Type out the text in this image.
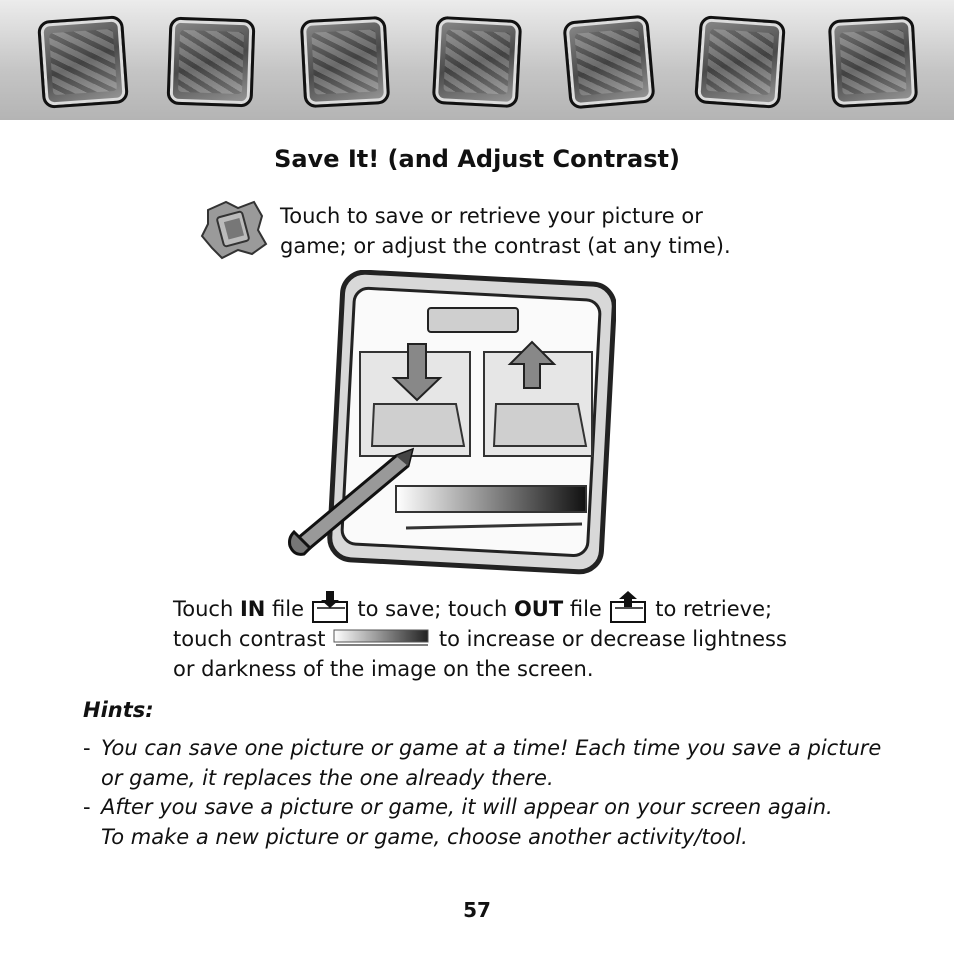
Save It! (and Adjust Contrast)
Touch to save or retrieve your picture or
game; or adjust the contrast (at any time).
Touch IN file  to save; touch OUT file  to retrieve;
touch contrast	to increase or decrease lightness
or darkness of the image on the screen.
Hints:
- You can save one picture or game at a time! Each time you save a picture
or game, it replaces the one already there.
- After you save a picture or game, it will appear on your screen again.
To make a new picture or game, choose another activity/tool.
57
